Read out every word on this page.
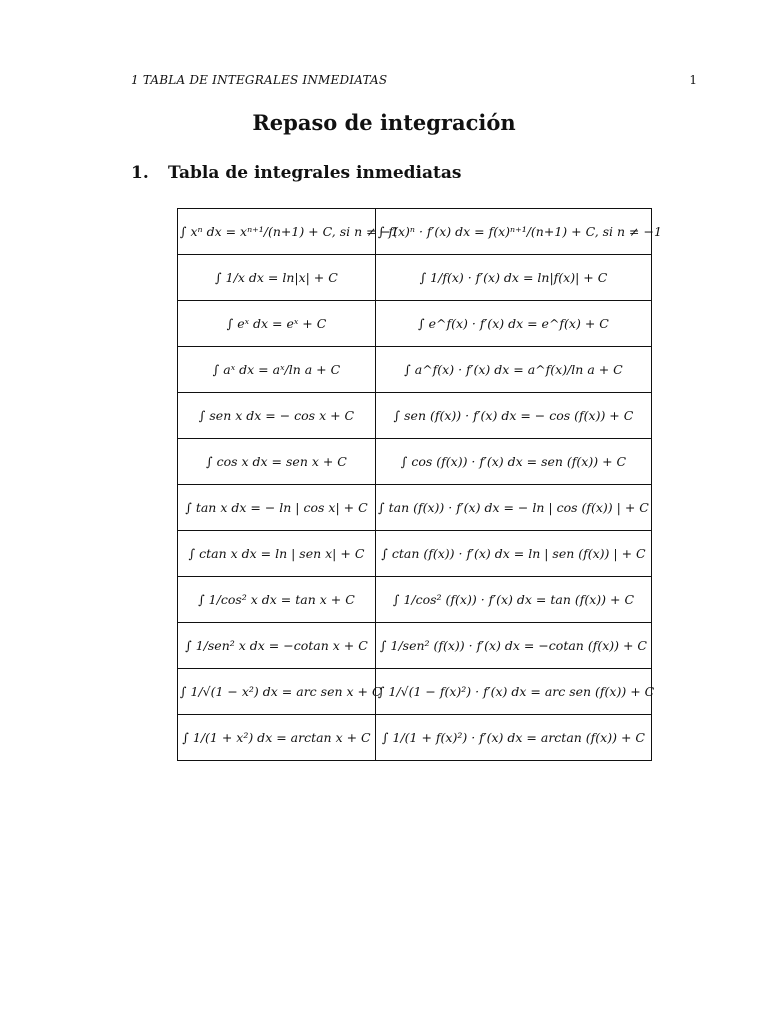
1 TABLA DE INTEGRALES INMEDIATAS	1
Repaso de integración
1. Tabla de integrales inmediatas
∫ xⁿ dx = xⁿ⁺¹/(n+1) + C, si n ≠ −1	∫ f(x)ⁿ · f′(x) dx = f(x)ⁿ⁺¹/(n+1) + C, si n ≠ −1
∫ 1/x dx = ln|x| + C	∫ 1/f(x) · f′(x) dx = ln|f(x)| + C
∫ eˣ dx = eˣ + C	∫ e^f(x) · f′(x) dx = e^f(x) + C
∫ aˣ dx = aˣ/ln a + C	∫ a^f(x) · f′(x) dx = a^f(x)/ln a + C
∫ sen x dx = − cos x + C	∫ sen (f(x)) · f′(x) dx = − cos (f(x)) + C
∫ cos x dx = sen x + C	∫ cos (f(x)) · f′(x) dx = sen (f(x)) + C
∫ tan x dx = − ln | cos x| + C	∫ tan (f(x)) · f′(x) dx = − ln | cos (f(x)) | + C
∫ ctan x dx = ln | sen x| + C	∫ ctan (f(x)) · f′(x) dx = ln | sen (f(x)) | + C
∫ 1/cos² x dx = tan x + C	∫ 1/cos² (f(x)) · f′(x) dx = tan (f(x)) + C
∫ 1/sen² x dx = −cotan x + C	∫ 1/sen² (f(x)) · f′(x) dx = −cotan (f(x)) + C
∫ 1/√(1 − x²) dx = arc sen x + C	∫ 1/√(1 − f(x)²) · f′(x) dx = arc sen (f(x)) + C
∫ 1/(1 + x²) dx = arctan x + C	∫ 1/(1 + f(x)²) · f′(x) dx = arctan (f(x)) + C
